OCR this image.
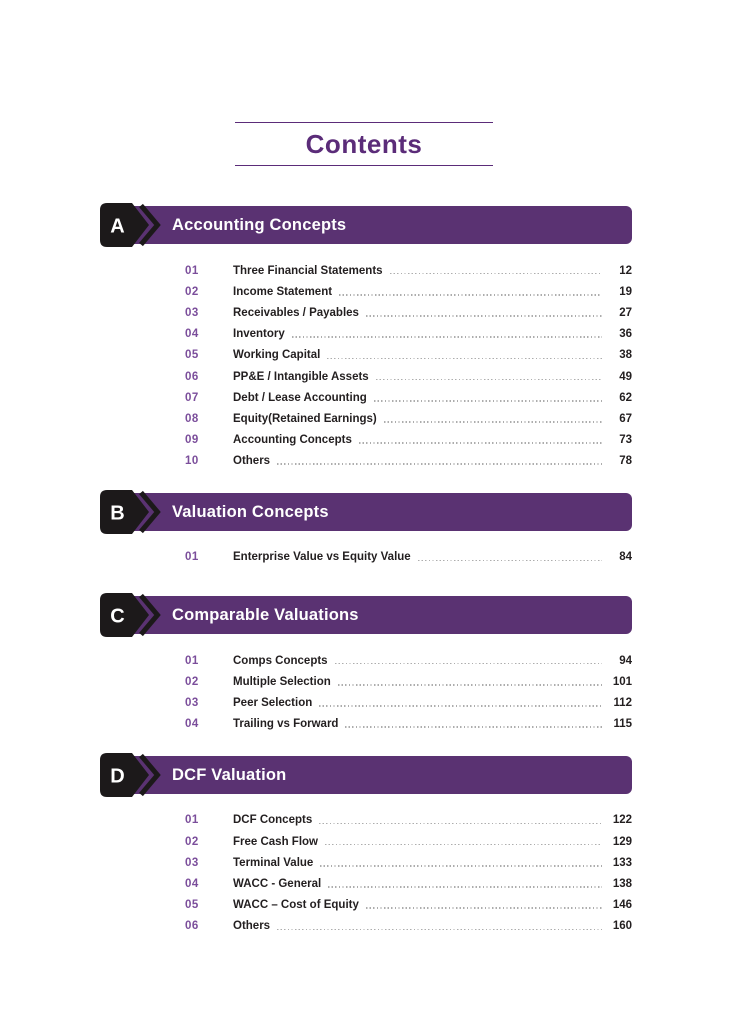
Contents
A	Accounting Concepts
01	Three Financial Statements	12
02	Income Statement	19
03	Receivables / Payables	27
04	Inventory	36
05	Working Capital	38
06	PP&E / Intangible Assets	49
07	Debt / Lease Accounting	62
08	Equity(Retained Earnings)	67
09	Accounting Concepts	73
10	Others	78
B	Valuation Concepts
01	Enterprise Value vs Equity Value	84
C	Comparable Valuations
01	Comps Concepts	94
02	Multiple Selection	101
03	Peer Selection	112
04	Trailing vs Forward	115
D	DCF Valuation
01	DCF Concepts	122
02	Free Cash Flow	129
03	Terminal Value	133
04	WACC - General	138
05	WACC – Cost of Equity	146
06	Others	160
